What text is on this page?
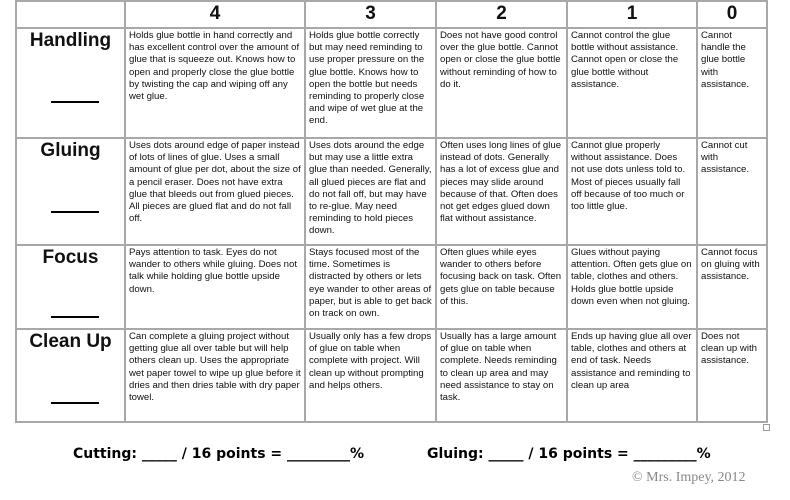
	4	3	2	1	0

Handling	Holds glue bottle in hand correctly and has excellent control over the amount of glue that is squeeze out. Knows how to open and properly close the glue bottle by twisting the cap and wiping off any wet glue.	Holds glue bottle correctly but may need reminding to use proper pressure on the glue bottle. Knows how to open the bottle but needs reminding to properly close and wipe of wet glue at the end.	Does not have good control over the glue bottle. Cannot open or close the glue bottle without reminding of how to do it.	Cannot control the glue bottle without assistance. Cannot open or close the glue bottle without assistance.	Cannot handle the glue bottle with assistance.

Gluing	Uses dots around edge of paper instead of lots of lines of glue. Uses a small amount of glue per dot, about the size of a pencil eraser. Does not have extra glue that bleeds out from glued pieces. All pieces are glued flat and do not fall off.	Uses dots around the edge but may use a little extra glue than needed. Generally, all glued pieces are flat and do not fall off, but may have to re-glue. May need reminding to hold pieces down.	Often uses long lines of glue instead of dots. Generally has a lot of excess glue and pieces may slide around because of that. Often does not get edges glued down flat without assistance.	Cannot glue properly without assistance. Does not use dots unless told to. Most of pieces usually fall off because of too much or too little glue.	Cannot cut with assistance.

Focus	Pays attention to task. Eyes do not wander to others while gluing. Does not talk while holding glue bottle upside down.	Stays focused most of the time. Sometimes is distracted by others or lets eye wander to other areas of paper, but is able to get back on track on own.	Often glues while eyes wander to others before focusing back on task. Often gets glue on table because of this.	Glues without paying attention. Often gets glue on table, clothes and others. Holds glue bottle upside down even when not gluing.	Cannot focus on gluing with assistance.

Clean Up	Can complete a gluing project without getting glue all over table but will help others clean up. Uses the appropriate wet paper towel to wipe up glue before it dries and then dries table with dry paper towel.	Usually only has a few drops of glue on table when complete with project. Will clean up without prompting and helps others.	Usually has a large amount of glue on table when complete. Needs reminding to clean up area and may need assistance to stay on task.	Ends up having glue all over table, clothes and others at end of task. Needs assistance and reminding to clean up area	Does not clean up with assistance.
Cutting: _____ / 16 points = _________%	Gluing: _____ / 16 points = _________%
© Mrs. Impey, 2012
